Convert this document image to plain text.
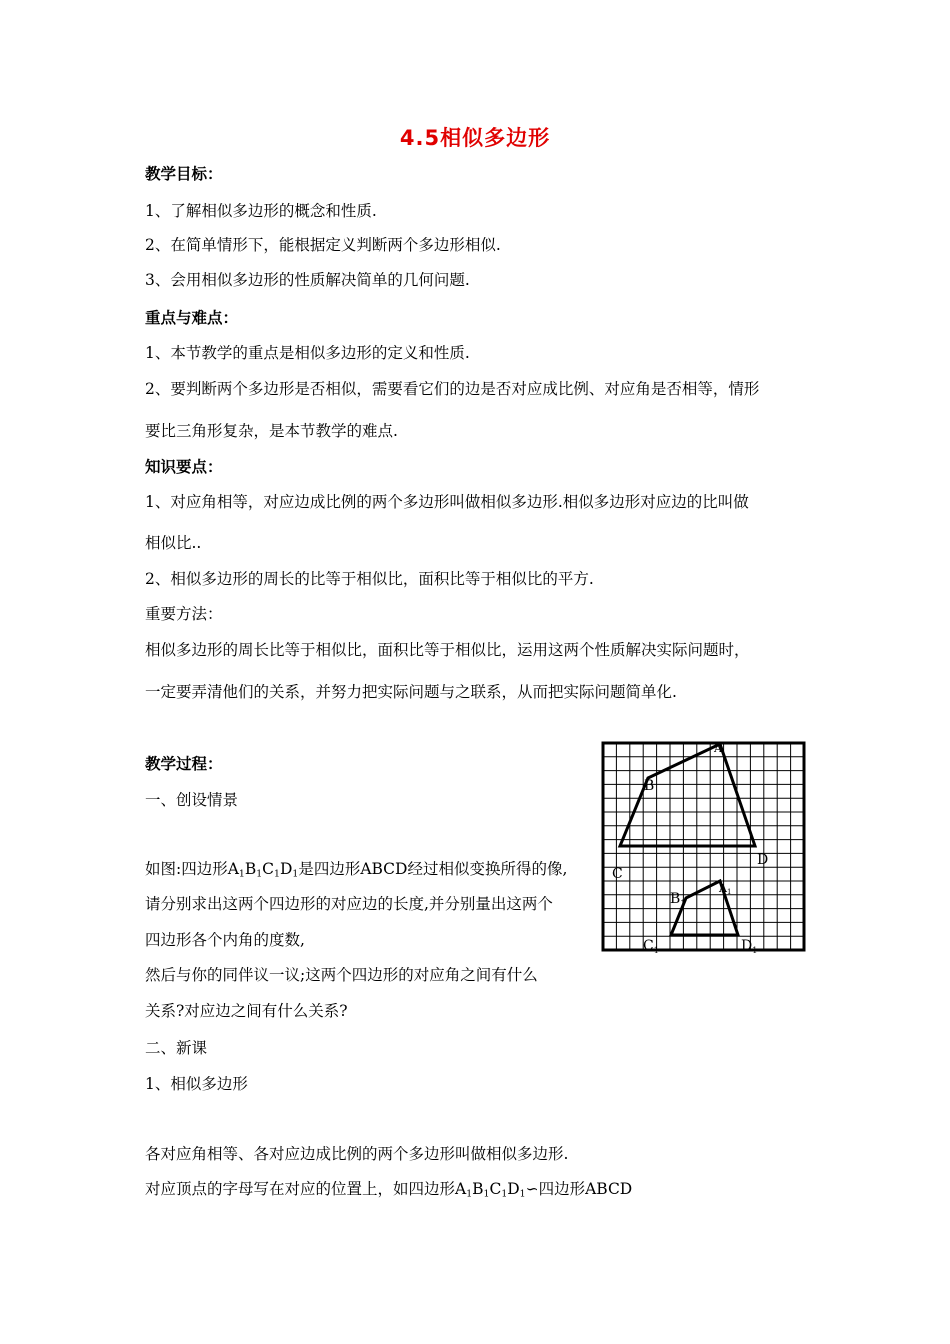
4.5相似多边形
教学目标：
1、了解相似多边形的概念和性质.
2、在简单情形下，能根据定义判断两个多边形相似.
3、会用相似多边形的性质解决简单的几何问题.
重点与难点：
1、本节教学的重点是相似多边形的定义和性质.
2、要判断两个多边形是否相似，需要看它们的边是否对应成比例、对应角是否相等，情形
要比三角形复杂，是本节教学的难点.
知识要点：
1、对应角相等，对应边成比例的两个多边形叫做相似多边形.相似多边形对应边的比叫做
相似比..
2、相似多边形的周长的比等于相似比，面积比等于相似比的平方.
重要方法：
相似多边形的周长比等于相似比，面积比等于相似比，运用这两个性质解决实际问题时，
一定要弄清他们的关系，并努力把实际问题与之联系，从而把实际问题简单化.
教学过程：
一、创设情景
如图:四边形$A_1B_1C_1D_1$是四边形ABCD经过相似变换所得的像,
请分别求出这两个四边形的对应边的长度,并分别量出这两个
四边形各个内角的度数,
然后与你的同伴议一议;这两个四边形的对应角之间有什么
关系?对应边之间有什么关系?
二、新课
1、相似多边形
各对应角相等、各对应边成比例的两个多边形叫做相似多边形.
对应顶点的字母写在对应的位置上，如四边形$A_1B_1C_1D_1∽$四边形ABCD
A
B
C
D
A1
$B_1$
$C_1$	$D_1$
